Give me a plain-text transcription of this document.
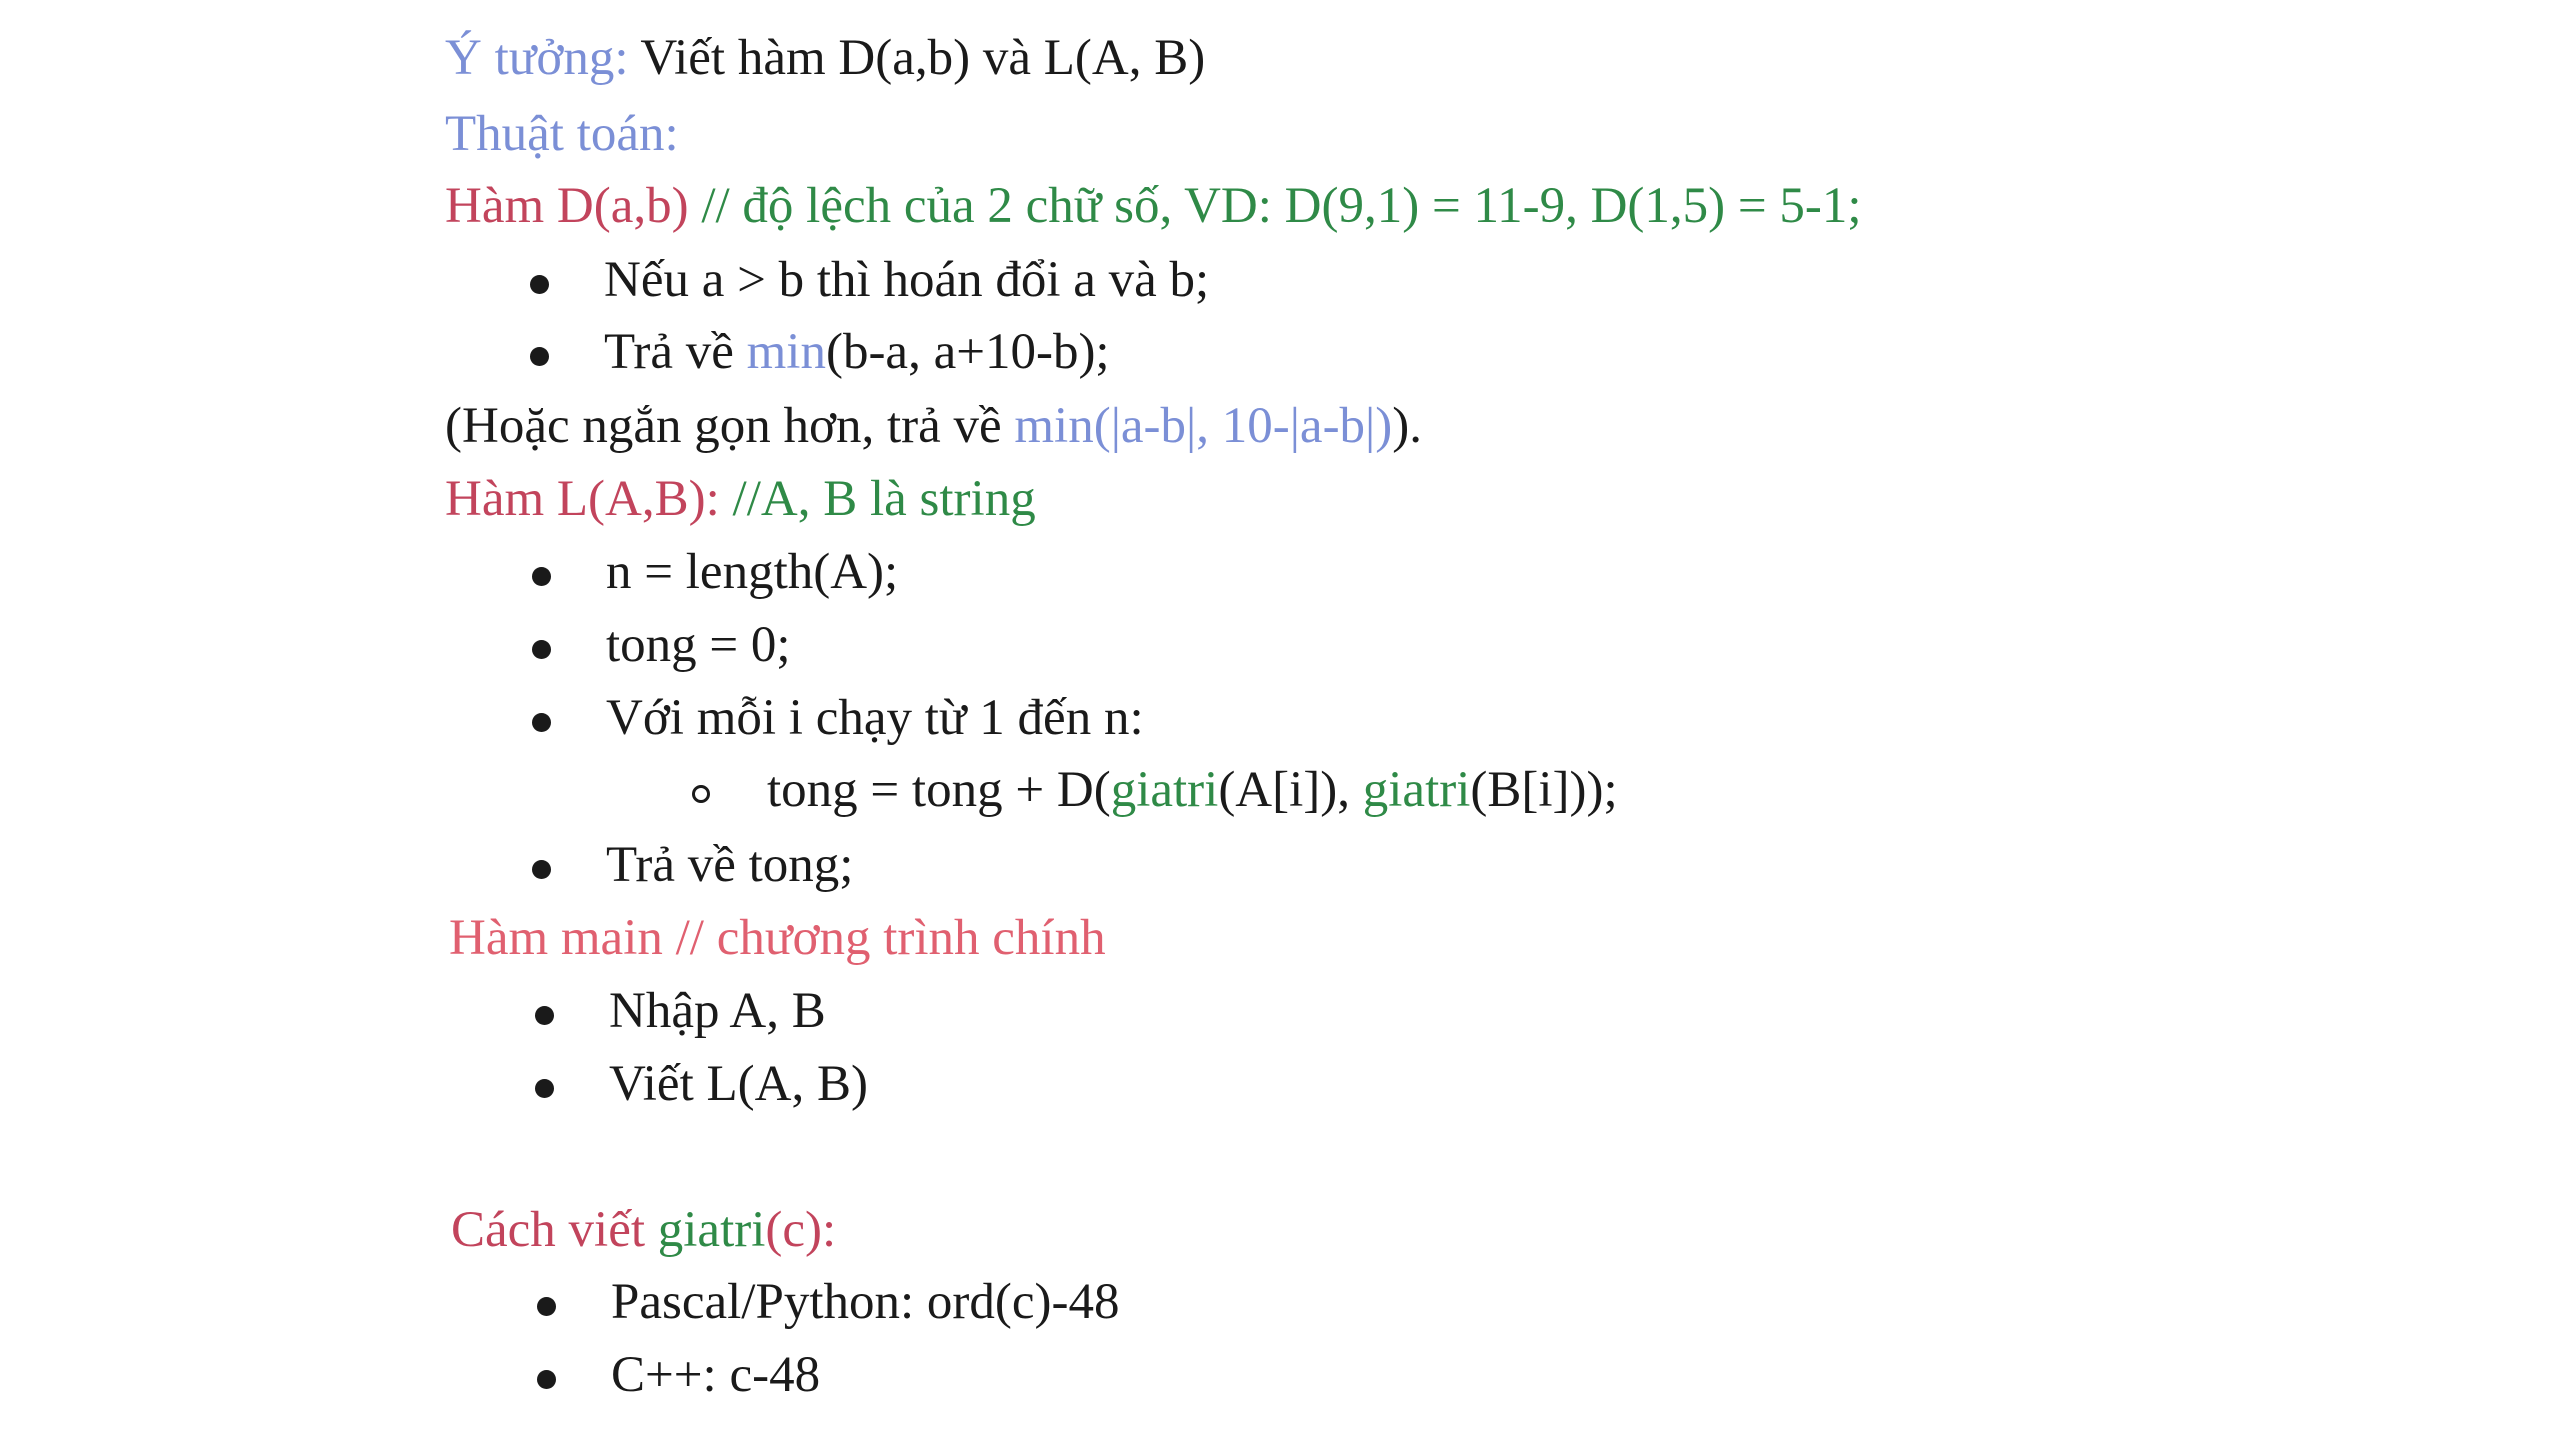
Ý tưởng: Viết hàm D(a,b) và L(A, B)
Thuật toán:
Hàm D(a,b) // độ lệch của 2 chữ số, VD: D(9,1) = 11-9, D(1,5) = 5-1;
Nếu a > b thì hoán đổi a và b;
Trả về min(b-a, a+10-b);
(Hoặc ngắn gọn hơn, trả về min(|a-b|, 10-|a-b|)).
Hàm L(A,B): //A, B là string
n = length(A);
tong = 0;
Với mỗi i chạy từ 1 đến n:
tong = tong + D(giatri(A[i]), giatri(B[i]));
Trả về tong;
Hàm main // chương trình chính
Nhập A, B
Viết L(A, B)
Cách viết giatri(c):
Pascal/Python: ord(c)-48
C++: c-48
